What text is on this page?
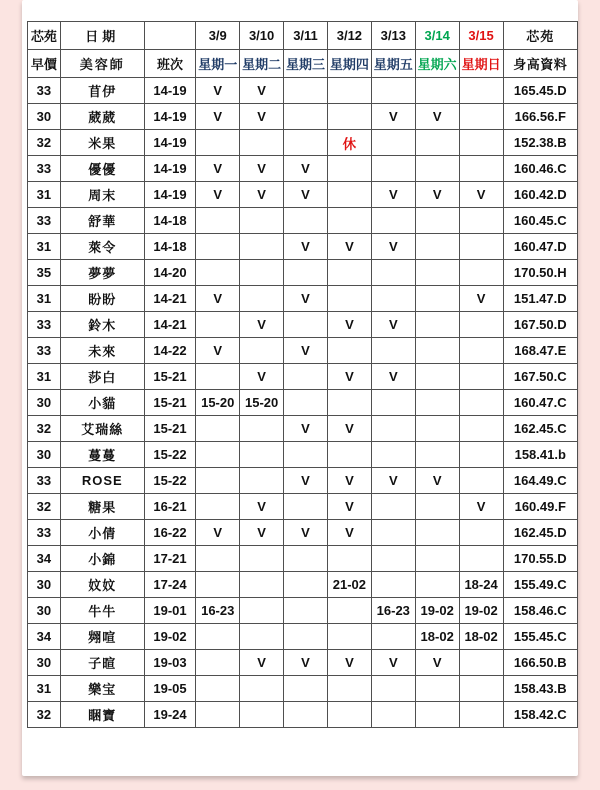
芯苑	日期		3/9	3/10	3/11	3/12	3/13	3/14	3/15	芯苑
早價	美容師	班次	星期一	星期二	星期三	星期四	星期五	星期六	星期日	身高資料
33	苜伊	14-19	V	V						165.45.D
30	葳葳	14-19	V	V			V	V		166.56.F
32	米果	14-19				休				152.38.B
33	優優	14-19	V	V	V					160.46.C
31	周末	14-19	V	V	V		V	V	V	160.42.D
33	舒華	14-18								160.45.C
31	萊令	14-18			V	V	V			160.47.D
35	夢夢	14-20								170.50.H
31	盼盼	14-21	V		V				V	151.47.D
33	鈴木	14-21		V		V	V			167.50.D
33	未來	14-22	V		V					168.47.E
31	莎白	15-21		V		V	V			167.50.C
30	小貓	15-21	15-20	15-20						160.47.C
32	艾瑞絲	15-21			V	V				162.45.C
30	蔓蔓	15-22								158.41.b
33	ROSE	15-22			V	V	V	V		164.49.C
32	糖果	16-21		V		V			V	160.49.F
33	小倩	16-22	V	V	V	V				162.45.D
34	小錦	17-21								170.55.D
30	妏妏	17-24				21-02			18-24	155.49.C
30	牛牛	19-01	16-23				16-23	19-02	19-02	158.46.C
34	翙喧	19-02						18-02	18-02	155.45.C
30	子暄	19-03		V	V	V	V	V		166.50.B
31	樂宝	19-05								158.43.B
32	睏寶	19-24								158.42.C
